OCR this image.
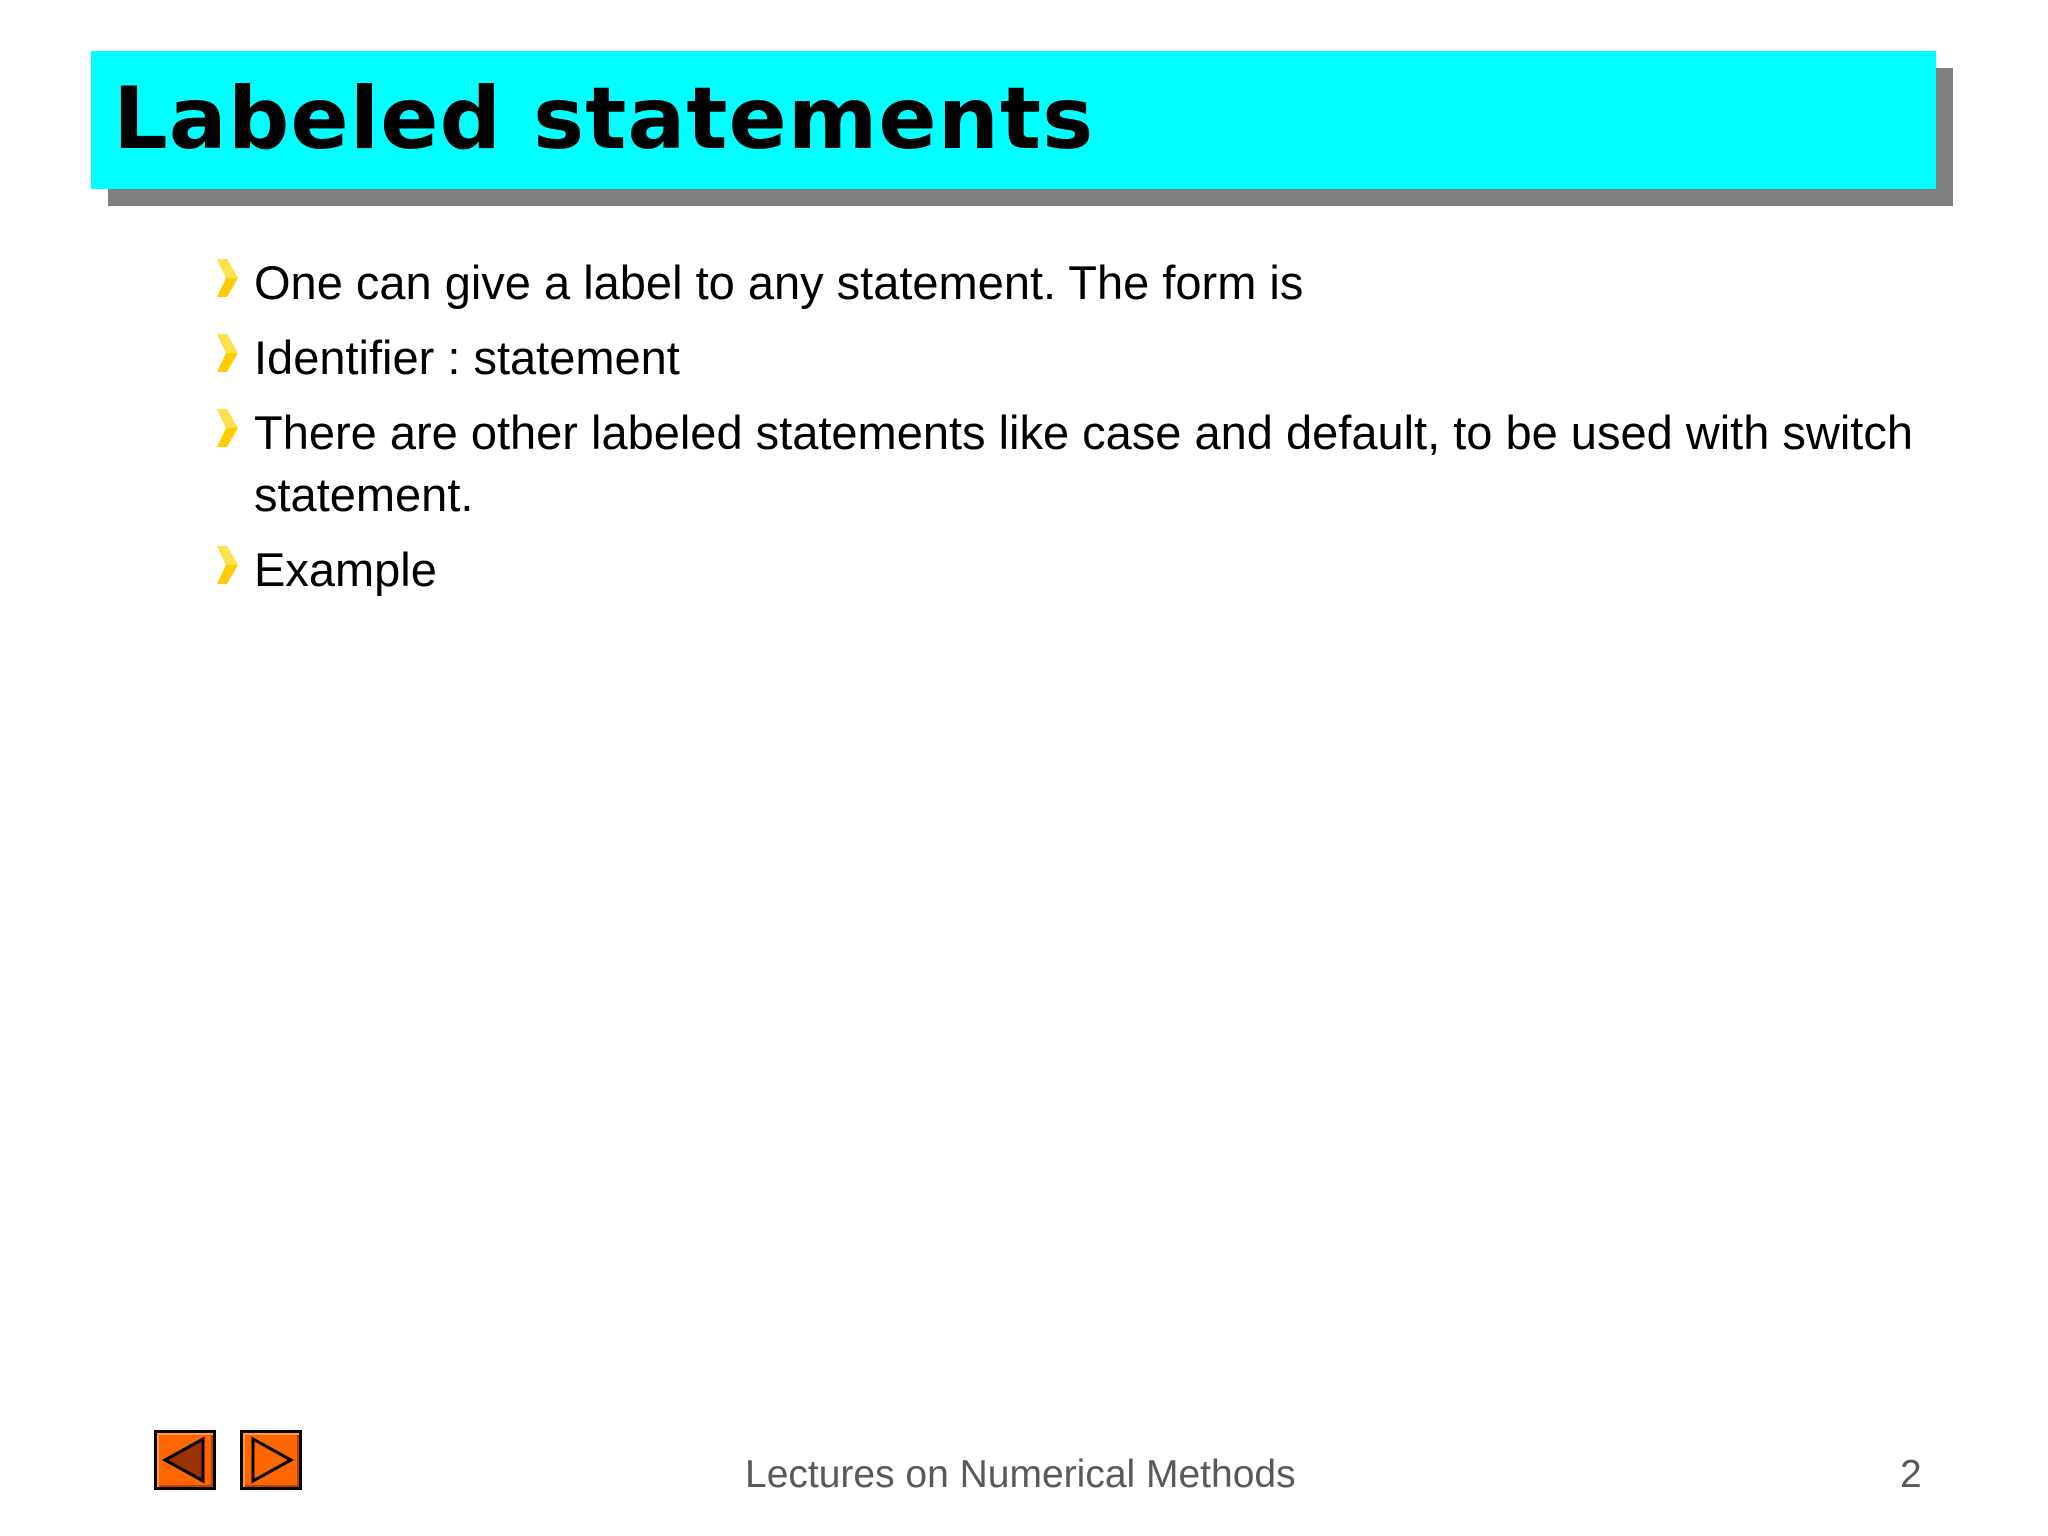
Labeled statements
One can give a label to any statement. The form is
Identifier : statement
There are other labeled statements like case and default, to be used with switch statement.
Example
Lectures on Numerical Methods	2
